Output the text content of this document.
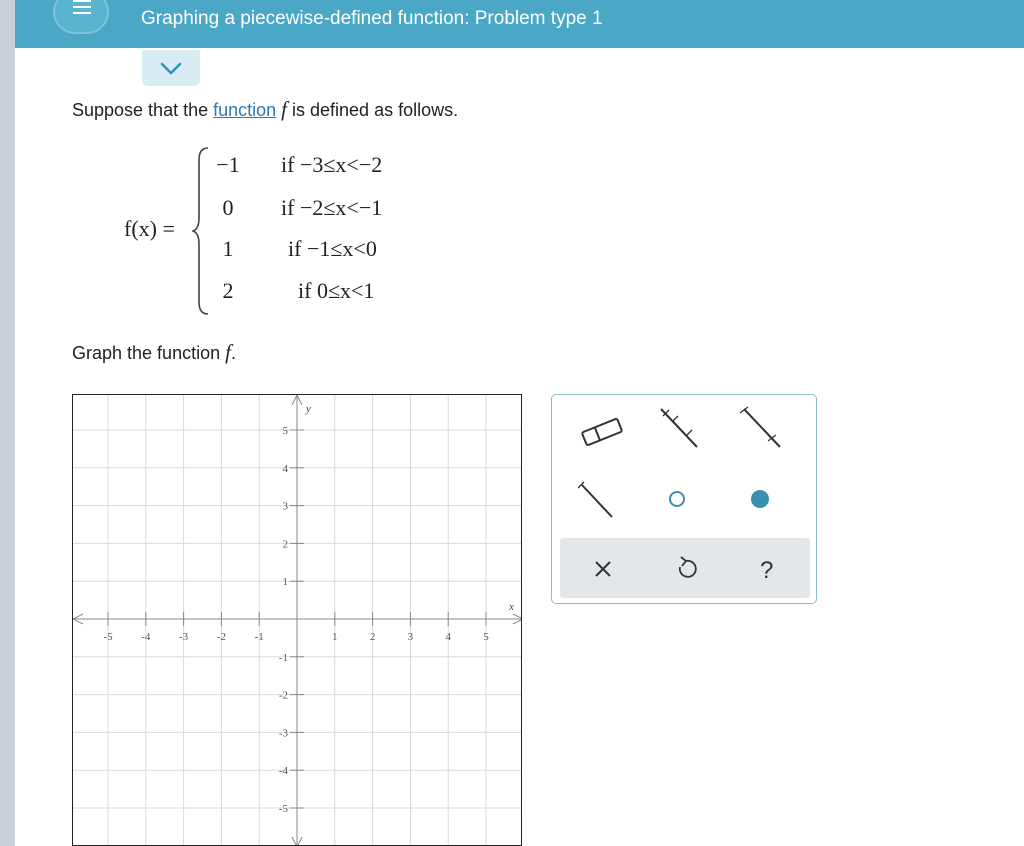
Graphing a piecewise-defined function: Problem type 1
Suppose that the function f is defined as follows.
f(x) =
−1	if −3≤x<−2
0	if −2≤x<−1
1	if −1≤x<0
2	if 0≤x<1
Graph the function f.
x
y
-5	-4	-3	-2	-1	1	2	3	4	5
5
4
3
2
1
-1
-2
-3
-4
-5
?
